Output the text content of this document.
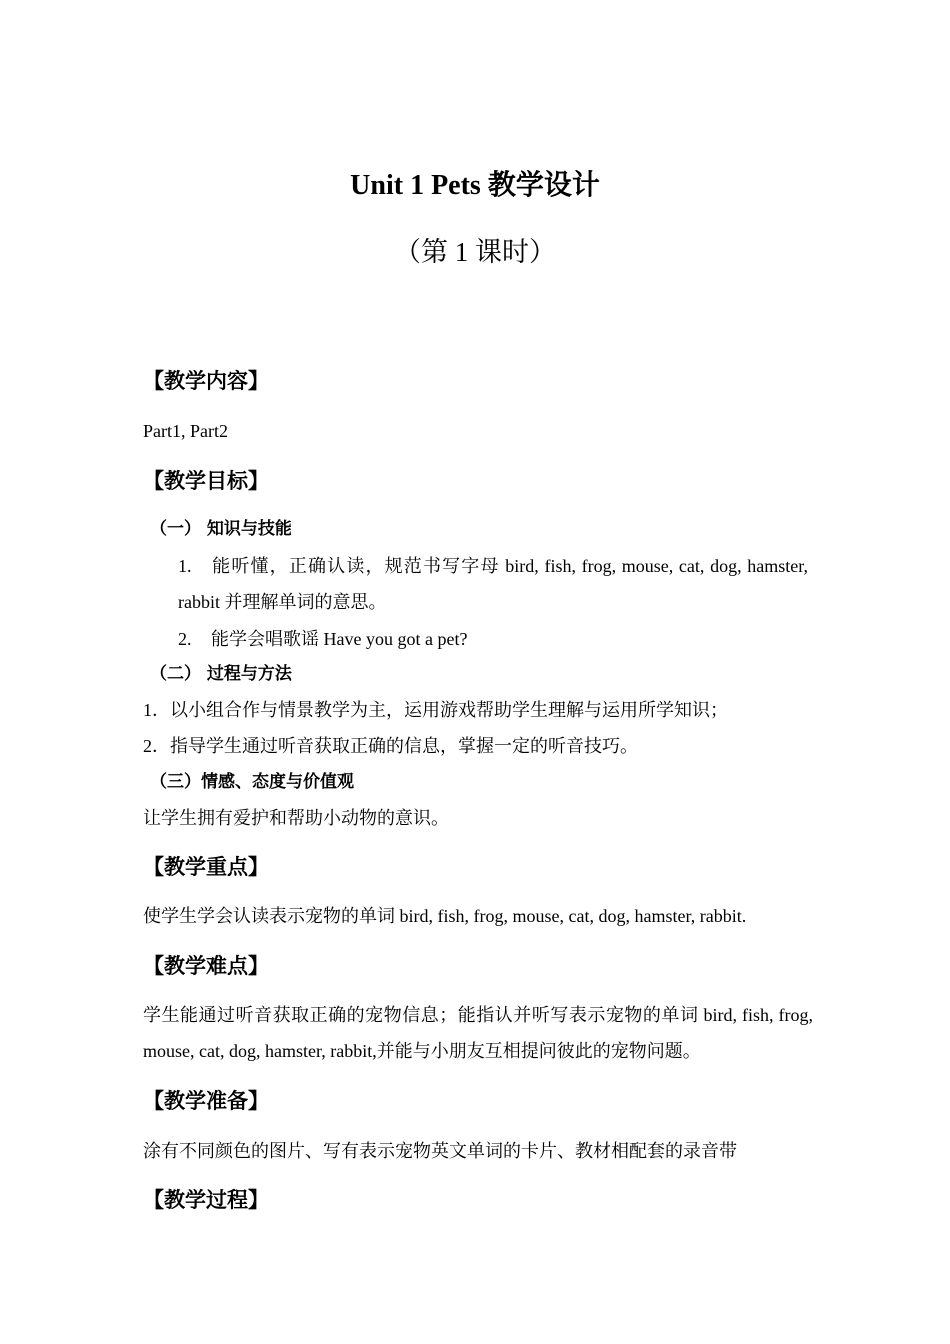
Unit 1 Pets 教学设计
（第 1 课时）
【教学内容】
Part1, Part2
【教学目标】
（一） 知识与技能
1. 能听懂，正确认读，规范书写字母 bird, fish, frog, mouse, cat, dog, hamster, rabbit 并理解单词的意思。
2. 能学会唱歌谣 Have you got a pet?
（二） 过程与方法
1．以小组合作与情景教学为主，运用游戏帮助学生理解与运用所学知识；
2．指导学生通过听音获取正确的信息，掌握一定的听音技巧。
（三）情感、态度与价值观
让学生拥有爱护和帮助小动物的意识。
【教学重点】
使学生学会认读表示宠物的单词 bird, fish, frog, mouse, cat, dog, hamster, rabbit.
【教学难点】
学生能通过听音获取正确的宠物信息；能指认并听写表示宠物的单词 bird, fish, frog, mouse, cat, dog, hamster, rabbit,并能与小朋友互相提问彼此的宠物问题。
【教学准备】
涂有不同颜色的图片、写有表示宠物英文单词的卡片、教材相配套的录音带
【教学过程】
